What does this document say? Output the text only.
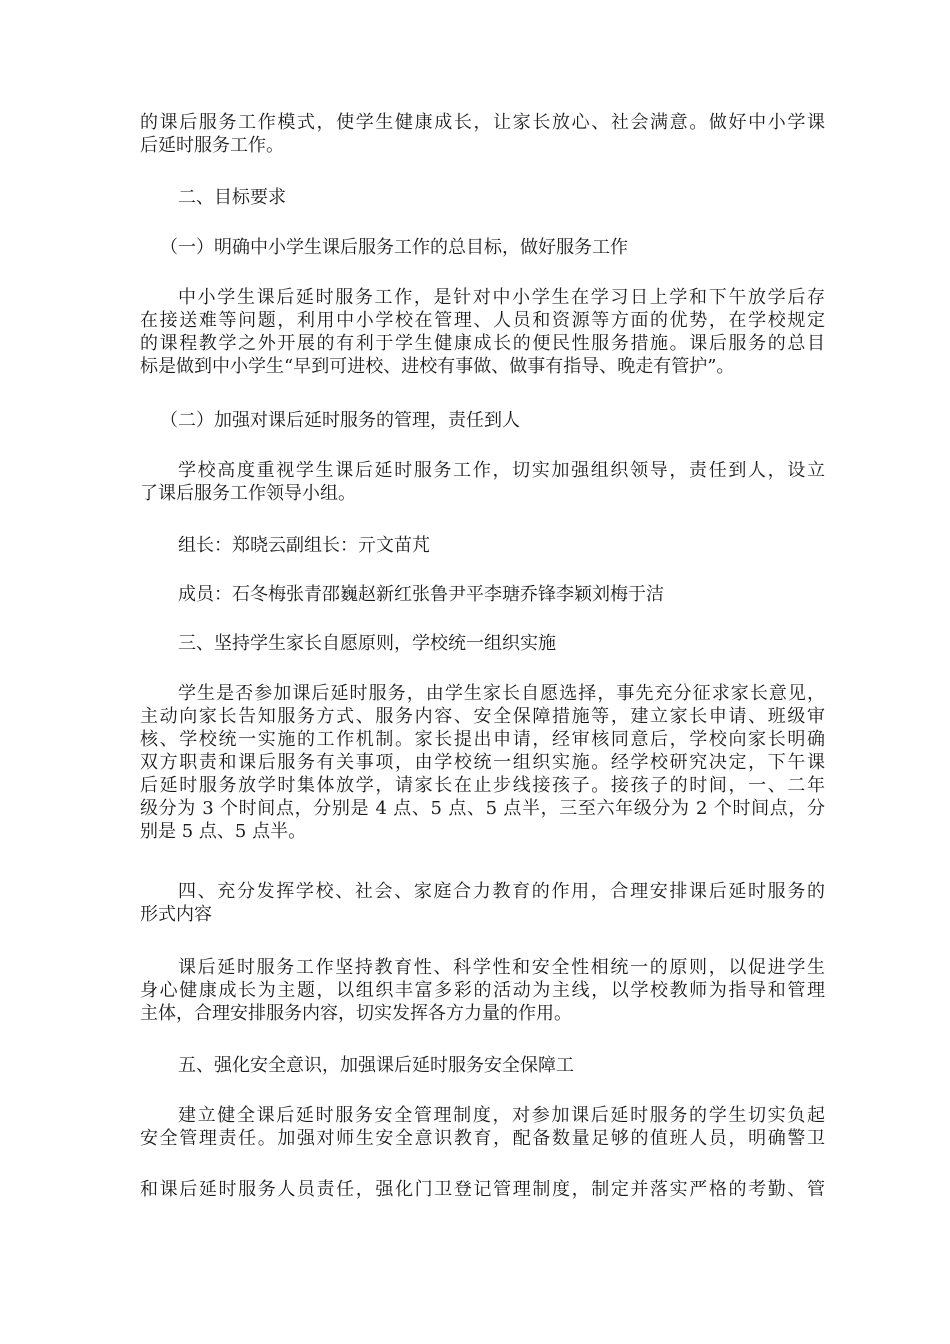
的课后服务工作模式，使学生健康成长，让家长放心、社会满意。做好中小学课
后延时服务工作。
二、目标要求
（一）明确中小学生课后服务工作的总目标，做好服务工作
中小学生课后延时服务工作，是针对中小学生在学习日上学和下午放学后存
在接送难等问题，利用中小学校在管理、人员和资源等方面的优势，在学校规定
的课程教学之外开展的有利于学生健康成长的便民性服务措施。课后服务的总目
标是做到中小学生“早到可进校、进校有事做、做事有指导、晚走有管护”。
（二）加强对课后延时服务的管理，责任到人
学校高度重视学生课后延时服务工作，切实加强组织领导，责任到人，设立
了课后服务工作领导小组。
组长：郑晓云副组长：亓文苗芃
成员：石冬梅张青邵巍赵新红张鲁尹平李瑭乔锋李颖刘梅于洁
三、坚持学生家长自愿原则，学校统一组织实施
学生是否参加课后延时服务，由学生家长自愿选择，事先充分征求家长意见，
主动向家长告知服务方式、服务内容、安全保障措施等，建立家长申请、班级审
核、学校统一实施的工作机制。家长提出申请，经审核同意后，学校向家长明确
双方职责和课后服务有关事项，由学校统一组织实施。经学校研究决定，下午课
后延时服务放学时集体放学，请家长在止步线接孩子。接孩子的时间，一、二年
级分为 3 个时间点，分别是 4 点、5 点、5 点半，三至六年级分为 2 个时间点，分
别是 5 点、5 点半。
四、充分发挥学校、社会、家庭合力教育的作用，合理安排课后延时服务的
形式内容
课后延时服务工作坚持教育性、科学性和安全性相统一的原则，以促进学生
身心健康成长为主题，以组织丰富多彩的活动为主线，以学校教师为指导和管理
主体，合理安排服务内容，切实发挥各方力量的作用。
五、强化安全意识，加强课后延时服务安全保障工
建立健全课后延时服务安全管理制度，对参加课后延时服务的学生切实负起
安全管理责任。加强对师生安全意识教育，配备数量足够的值班人员，明确警卫
和课后延时服务人员责任，强化门卫登记管理制度，制定并落实严格的考勤、管
